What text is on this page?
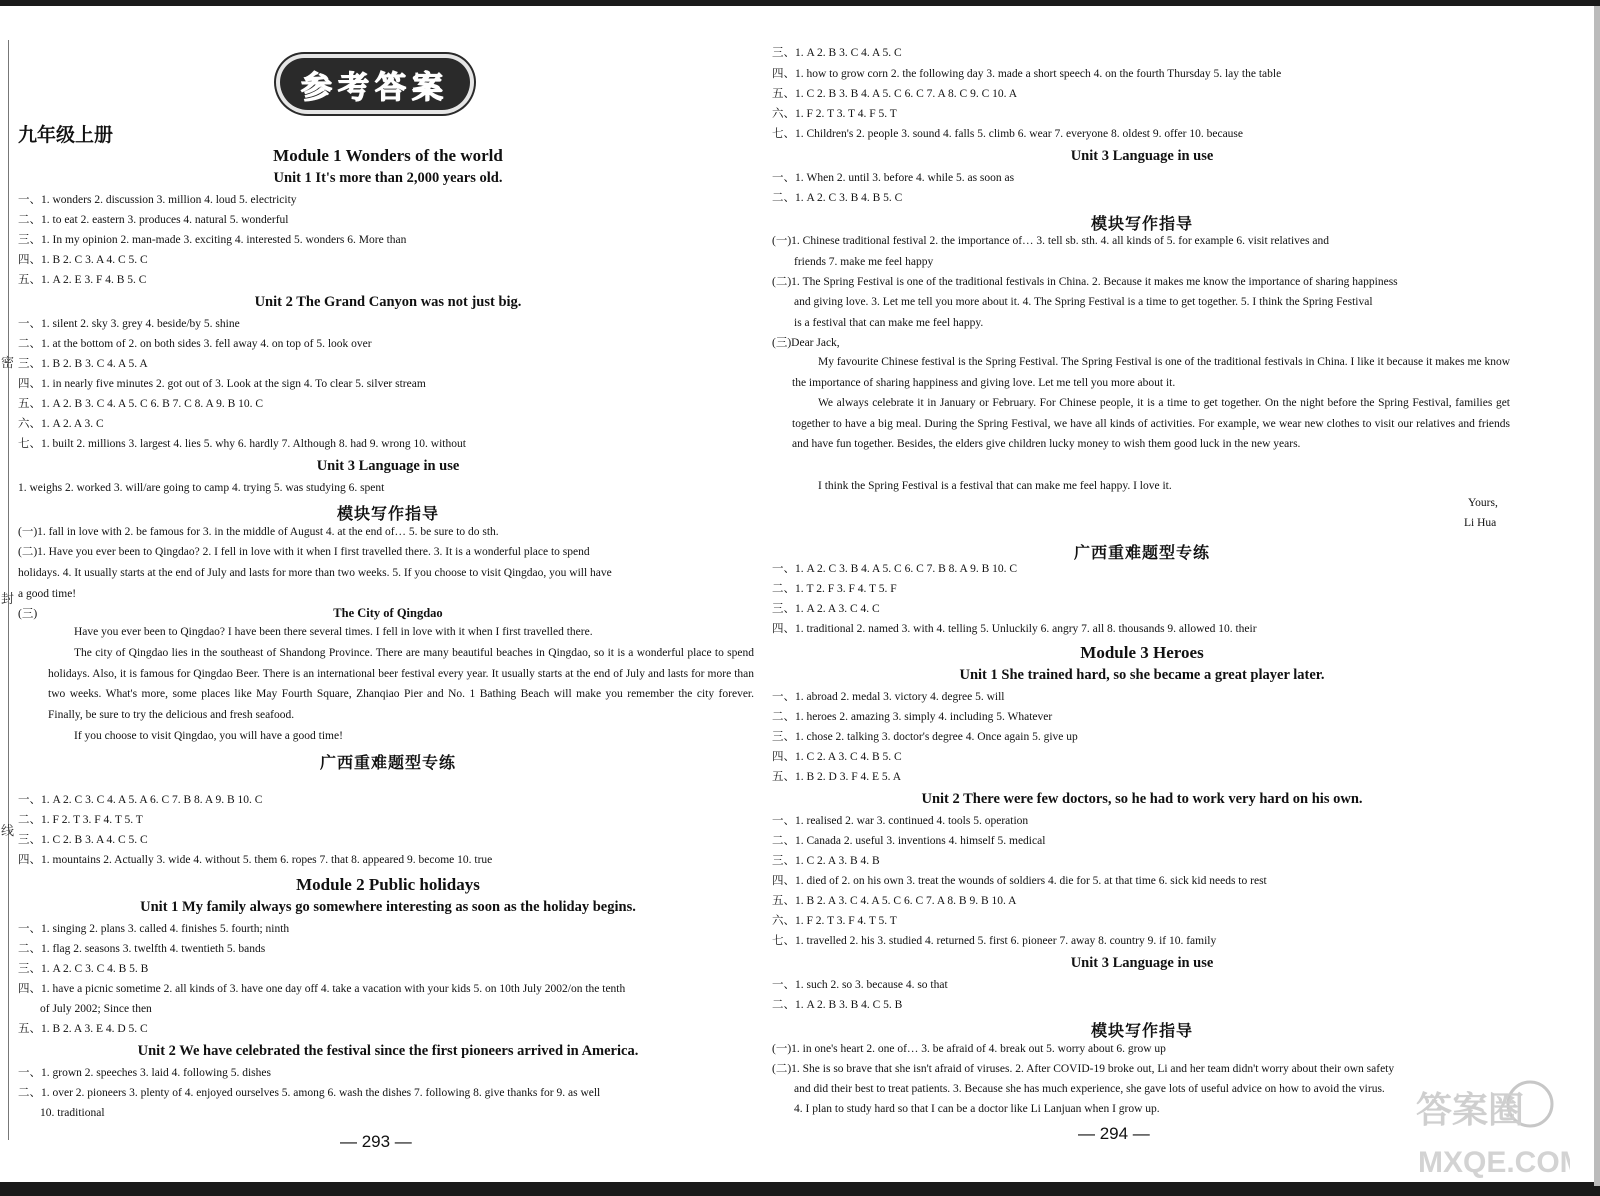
密
封
线
参考答案
九年级上册
Module 1 Wonders of the world
Unit 1 It's more than 2,000 years old.
一、1. wonders 2. discussion 3. million 4. loud 5. electricity
二、1. to eat 2. eastern 3. produces 4. natural 5. wonderful
三、1. In my opinion 2. man-made 3. exciting 4. interested 5. wonders 6. More than
四、1. B 2. C 3. A 4. C 5. C
五、1. A 2. E 3. F 4. B 5. C
Unit 2 The Grand Canyon was not just big.
一、1. silent 2. sky 3. grey 4. beside/by 5. shine
二、1. at the bottom of 2. on both sides 3. fell away 4. on top of 5. look over
三、1. B 2. B 3. C 4. A 5. A
四、1. in nearly five minutes 2. got out of 3. Look at the sign 4. To clear 5. silver stream
五、1. A 2. B 3. C 4. A 5. C 6. B 7. C 8. A 9. B 10. C
六、1. A 2. A 3. C
七、1. built 2. millions 3. largest 4. lies 5. why 6. hardly 7. Although 8. had 9. wrong 10. without
Unit 3 Language in use
1. weighs 2. worked 3. will/are going to camp 4. trying 5. was studying 6. spent
模块写作指导
(一)1. fall in love with 2. be famous for 3. in the middle of August 4. at the end of… 5. be sure to do sth.
(二)1. Have you ever been to Qingdao? 2. I fell in love with it when I first travelled there. 3. It is a wonderful place to spend
holidays. 4. It usually starts at the end of July and lasts for more than two weeks. 5. If you choose to visit Qingdao, you will have
a good time!
(三)	The City of Qingdao
Have you ever been to Qingdao? I have been there several times. I fell in love with it when I first travelled there.
The city of Qingdao lies in the southeast of Shandong Province. There are many beautiful beaches in Qingdao, so it is a wonderful place to spend holidays. Also, it is famous for Qingdao Beer. There is an international beer festival every year. It usually starts at the end of July and lasts for more than two weeks. What's more, some places like May Fourth Square, Zhanqiao Pier and No. 1 Bathing Beach will make you remember the city forever. Finally, be sure to try the delicious and fresh seafood.
If you choose to visit Qingdao, you will have a good time!
广西重难题型专练
一、1. A 2. C 3. C 4. A 5. A 6. C 7. B 8. A 9. B 10. C
二、1. F 2. T 3. F 4. T 5. T
三、1. C 2. B 3. A 4. C 5. C
四、1. mountains 2. Actually 3. wide 4. without 5. them 6. ropes 7. that 8. appeared 9. become 10. true
Module 2 Public holidays
Unit 1 My family always go somewhere interesting as soon as the holiday begins.
一、1. singing 2. plans 3. called 4. finishes 5. fourth; ninth
二、1. flag 2. seasons 3. twelfth 4. twentieth 5. bands
三、1. A 2. C 3. C 4. B 5. B
四、1. have a picnic sometime 2. all kinds of 3. have one day off 4. take a vacation with your kids 5. on 10th July 2002/on the tenth
of July 2002; Since then
五、1. B 2. A 3. E 4. D 5. C
Unit 2 We have celebrated the festival since the first pioneers arrived in America.
一、1. grown 2. speeches 3. laid 4. following 5. dishes
二、1. over 2. pioneers 3. plenty of 4. enjoyed ourselves 5. among 6. wash the dishes 7. following 8. give thanks for 9. as well
10. traditional
— 293 —
三、1. A 2. B 3. C 4. A 5. C
四、1. how to grow corn 2. the following day 3. made a short speech 4. on the fourth Thursday 5. lay the table
五、1. C 2. B 3. B 4. A 5. C 6. C 7. A 8. C 9. C 10. A
六、1. F 2. T 3. T 4. F 5. T
七、1. Children's 2. people 3. sound 4. falls 5. climb 6. wear 7. everyone 8. oldest 9. offer 10. because
Unit 3 Language in use
一、1. When 2. until 3. before 4. while 5. as soon as
二、1. A 2. C 3. B 4. B 5. C
模块写作指导
(一)1. Chinese traditional festival 2. the importance of… 3. tell sb. sth. 4. all kinds of 5. for example 6. visit relatives and
friends 7. make me feel happy
(二)1. The Spring Festival is one of the traditional festivals in China. 2. Because it makes me know the importance of sharing happiness
and giving love. 3. Let me tell you more about it. 4. The Spring Festival is a time to get together. 5. I think the Spring Festival
is a festival that can make me feel happy.
(三)Dear Jack,
My favourite Chinese festival is the Spring Festival. The Spring Festival is one of the traditional festivals in China. I like it because it makes me know the importance of sharing happiness and giving love. Let me tell you more about it.
We always celebrate it in January or February. For Chinese people, it is a time to get together. On the night before the Spring Festival, families get together to have a big meal. During the Spring Festival, we have all kinds of activities. For example, we wear new clothes to visit our relatives and friends and have fun together. Besides, the elders give children lucky money to wish them good luck in the new years.
I think the Spring Festival is a festival that can make me feel happy. I love it.
Yours,
Li Hua
广西重难题型专练
一、1. A 2. C 3. B 4. A 5. C 6. C 7. B 8. A 9. B 10. C
二、1. T 2. F 3. F 4. T 5. F
三、1. A 2. A 3. C 4. C
四、1. traditional 2. named 3. with 4. telling 5. Unluckily 6. angry 7. all 8. thousands 9. allowed 10. their
Module 3 Heroes
Unit 1 She trained hard, so she became a great player later.
一、1. abroad 2. medal 3. victory 4. degree 5. will
二、1. heroes 2. amazing 3. simply 4. including 5. Whatever
三、1. chose 2. talking 3. doctor's degree 4. Once again 5. give up
四、1. C 2. A 3. C 4. B 5. C
五、1. B 2. D 3. F 4. E 5. A
Unit 2 There were few doctors, so he had to work very hard on his own.
一、1. realised 2. war 3. continued 4. tools 5. operation
二、1. Canada 2. useful 3. inventions 4. himself 5. medical
三、1. C 2. A 3. B 4. B
四、1. died of 2. on his own 3. treat the wounds of soldiers 4. die for 5. at that time 6. sick kid needs to rest
五、1. B 2. A 3. C 4. A 5. C 6. C 7. A 8. B 9. B 10. A
六、1. F 2. T 3. F 4. T 5. T
七、1. travelled 2. his 3. studied 4. returned 5. first 6. pioneer 7. away 8. country 9. if 10. family
Unit 3 Language in use
一、1. such 2. so 3. because 4. so that
二、1. A 2. B 3. B 4. C 5. B
模块写作指导
(一)1. in one's heart 2. one of… 3. be afraid of 4. break out 5. worry about 6. grow up
(二)1. She is so brave that she isn't afraid of viruses. 2. After COVID-19 broke out, Li and her team didn't worry about their own safety
and did their best to treat patients. 3. Because she has much experience, she gave lots of useful advice on how to avoid the virus.
4. I plan to study hard so that I can be a doctor like Li Lanjuan when I grow up.
— 294 —
答案圈
MXQE.COM
